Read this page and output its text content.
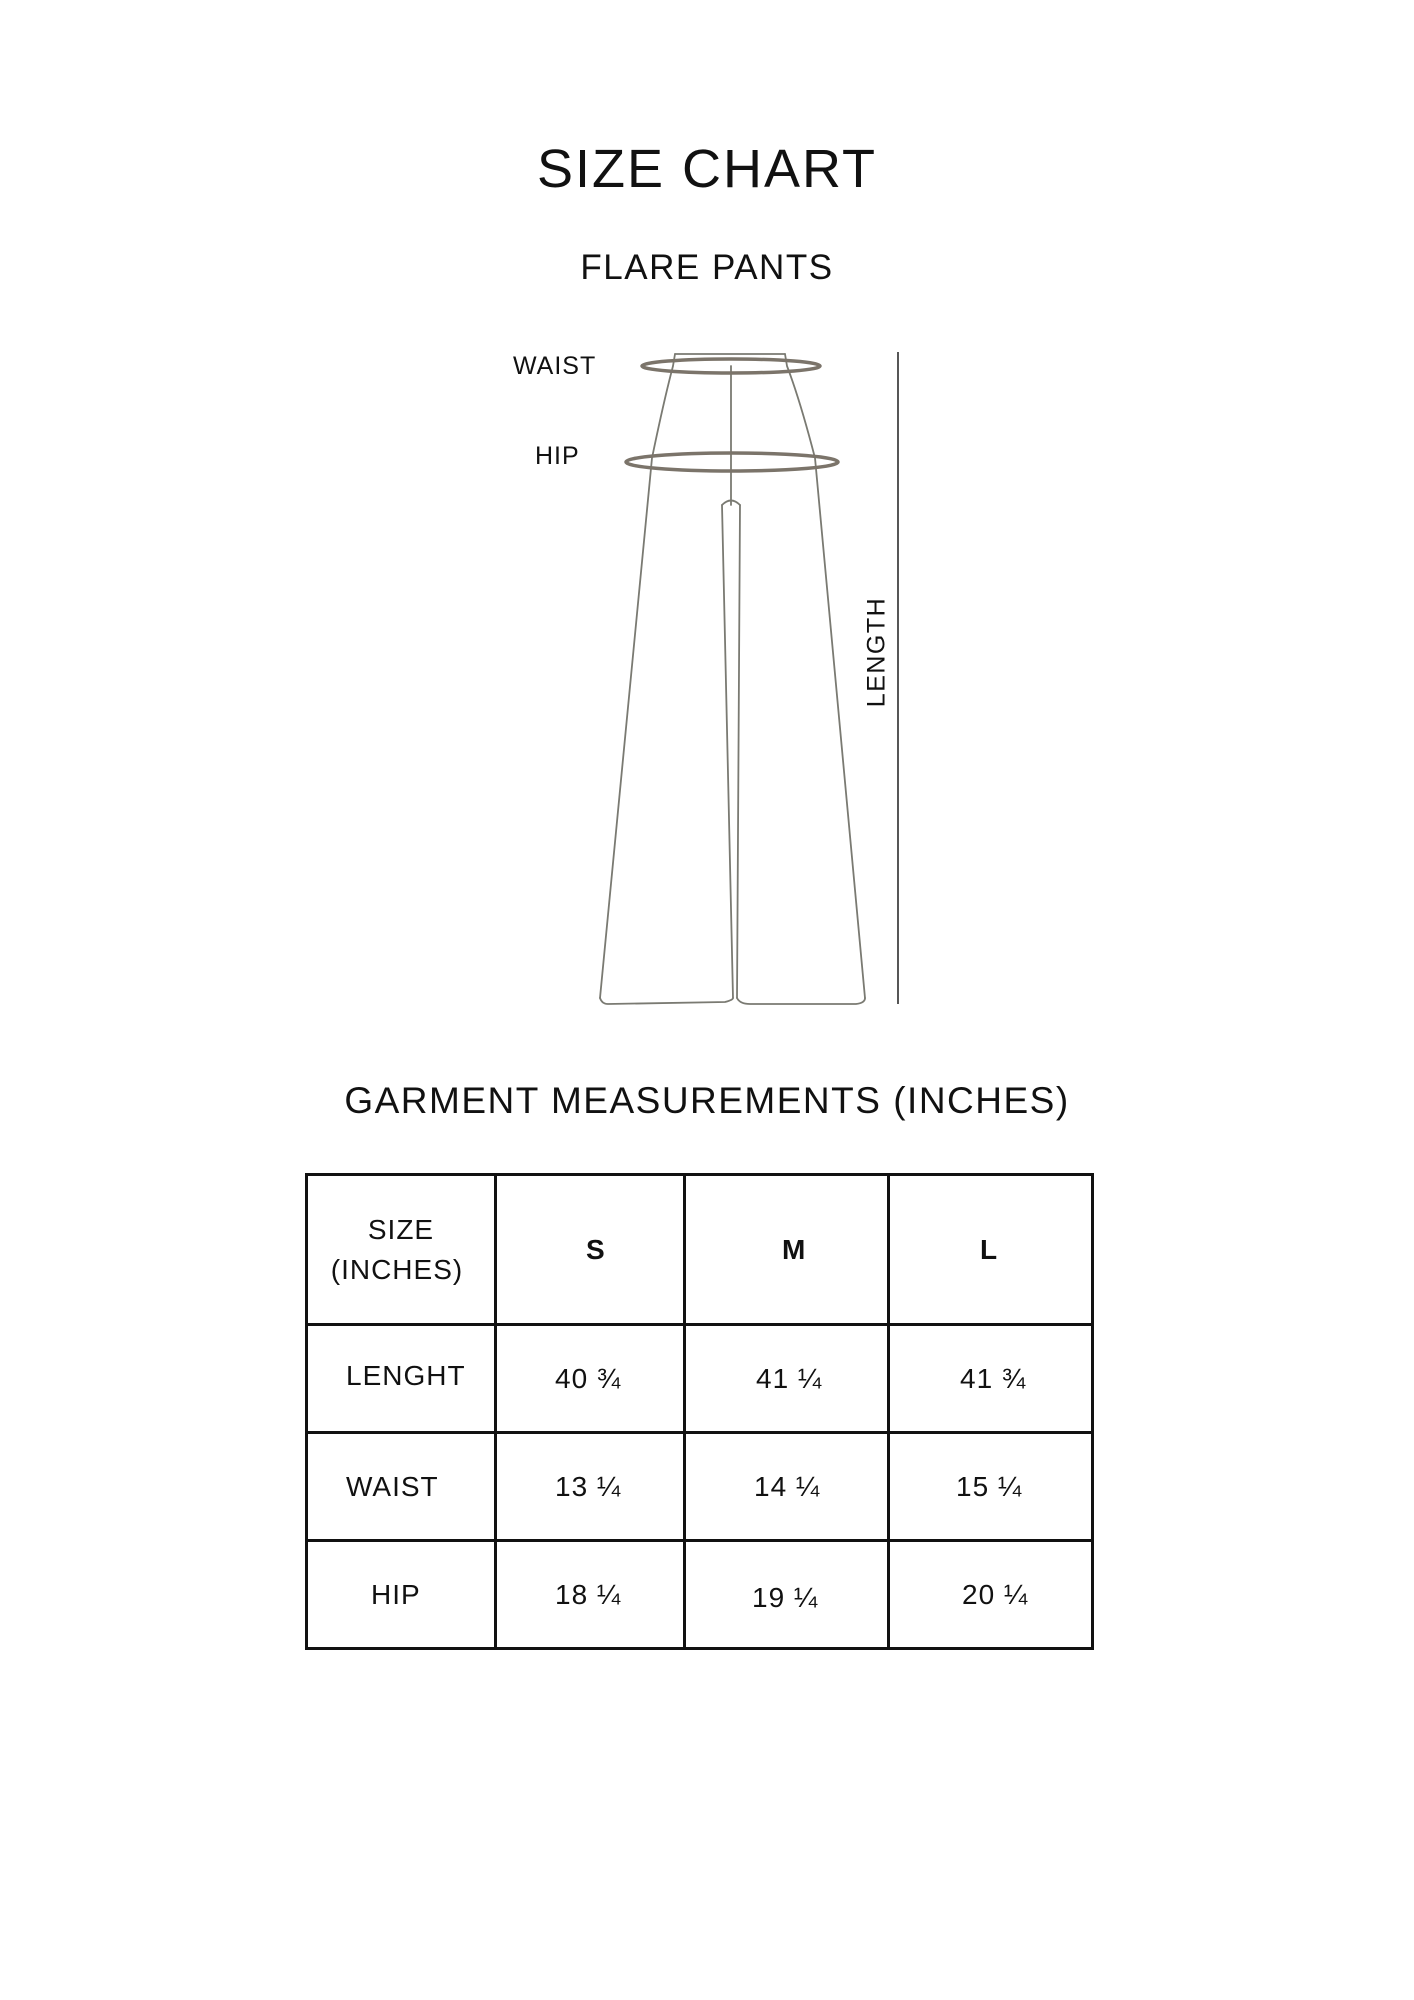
SIZE CHART
FLARE PANTS
WAIST
HIP
LENGTH
GARMENT MEASUREMENTS (INCHES)
SIZE
(INCHES)	S	M	L
LENGHT	40 ¾	41 ¼	41 ¾
WAIST	13 ¼	14 ¼	15 ¼
HIP	18 ¼	19 ¼	20 ¼
